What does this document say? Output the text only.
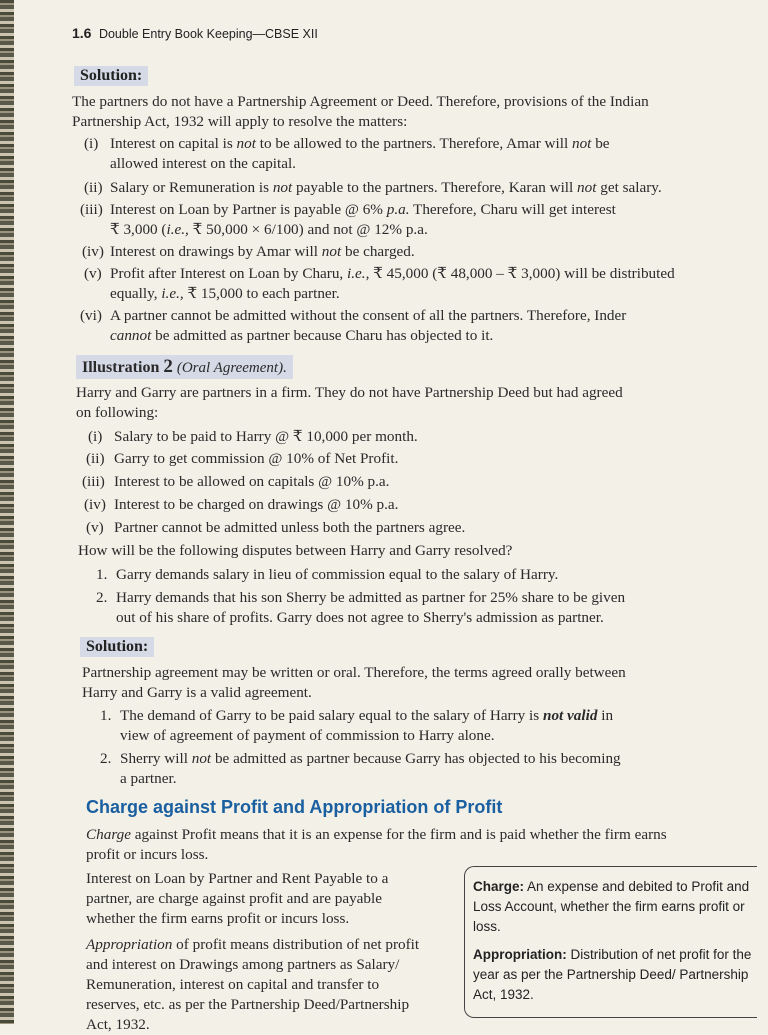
1.6 Double Entry Book Keeping—CBSE XII
Solution:
The partners do not have a Partnership Agreement or Deed. Therefore, provisions of the Indian
Partnership Act, 1932 will apply to resolve the matters:
(i) Interest on capital is not to be allowed to the partners. Therefore, Amar will not be
allowed interest on the capital.
(ii) Salary or Remuneration is not payable to the partners. Therefore, Karan will not get salary.
(iii) Interest on Loan by Partner is payable @ 6% p.a. Therefore, Charu will get interest
₹ 3,000 (i.e., ₹ 50,000 × 6/100) and not @ 12% p.a.
(iv) Interest on drawings by Amar will not be charged.
(v) Profit after Interest on Loan by Charu, i.e., ₹ 45,000 (₹ 48,000 – ₹ 3,000) will be distributed
equally, i.e., ₹ 15,000 to each partner.
(vi) A partner cannot be admitted without the consent of all the partners. Therefore, Inder
cannot be admitted as partner because Charu has objected to it.
Illustration 2 (Oral Agreement).
Harry and Garry are partners in a firm. They do not have Partnership Deed but had agreed
on following:
(i) Salary to be paid to Harry @ ₹ 10,000 per month.
(ii) Garry to get commission @ 10% of Net Profit.
(iii) Interest to be allowed on capitals @ 10% p.a.
(iv) Interest to be charged on drawings @ 10% p.a.
(v) Partner cannot be admitted unless both the partners agree.
How will be the following disputes between Harry and Garry resolved?
1. Garry demands salary in lieu of commission equal to the salary of Harry.
2. Harry demands that his son Sherry be admitted as partner for 25% share to be given
out of his share of profits. Garry does not agree to Sherry's admission as partner.
Solution:
Partnership agreement may be written or oral. Therefore, the terms agreed orally between
Harry and Garry is a valid agreement.
1. The demand of Garry to be paid salary equal to the salary of Harry is not valid in
view of agreement of payment of commission to Harry alone.
2. Sherry will not be admitted as partner because Garry has objected to his becoming
a partner.
Charge against Profit and Appropriation of Profit
Charge against Profit means that it is an expense for the firm and is paid whether the firm earns
profit or incurs loss.
Interest on Loan by Partner and Rent Payable to a
partner, are charge against profit and are payable
whether the firm earns profit or incurs loss.
Appropriation of profit means distribution of net profit
and interest on Drawings among partners as Salary/
Remuneration, interest on capital and transfer to
reserves, etc. as per the Partnership Deed/Partnership
Act, 1932.
Charge: An expense and debited to Profit and Loss Account, whether the firm earns profit or loss.
Appropriation: Distribution of net profit for the year as per the Partnership Deed/ Partnership Act, 1932.
